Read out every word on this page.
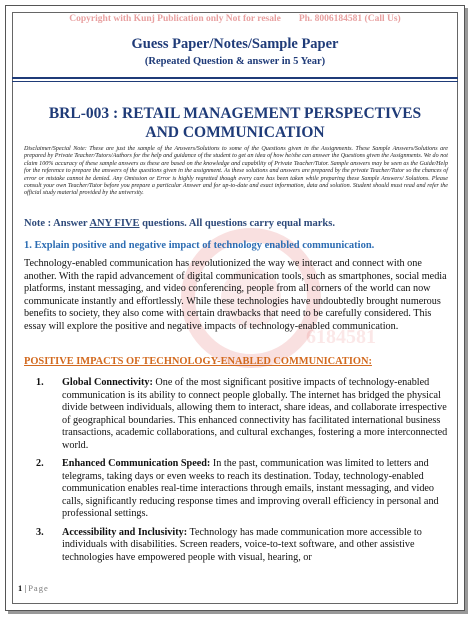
6184581
Copyright with Kunj Publication only Not for resale Ph. 8006184581 (Call Us)
Guess Paper/Notes/Sample Paper
(Repeated Question & answer in 5 Year)
BRL-003 : RETAIL MANAGEMENT PERSPECTIVES
AND COMMUNICATION
Disclaimer/Special Note: These are just the sample of the Answers/Solutions to some of the Questions given in the Assignments. These Sample Answers/Solutions are prepared by Private Teacher/Tutors/Authors for the help and guidance of the student to get an idea of how he/she can answer the Questions given the Assignments. We do not claim 100% accuracy of these sample answers as these are based on the knowledge and capability of Private Teacher/Tutor. Sample answers may be seen as the Guide/Help for the reference to prepare the answers of the questions given in the assignment. As these solutions and answers are prepared by the private Teacher/Tutor so the chances of error or mistake cannot be denied. Any Omission or Error is highly regretted though every care has been taken while preparing these Sample Answers/ Solutions. Please consult your own Teacher/Tutor before you prepare a particular Answer and for up-to-date and exact information, data and solution. Student should must read and refer the official study material provided by the university.
Note : Answer ANY FIVE questions. All questions carry equal marks.
1. Explain positive and negative impact of technology enabled communication.
Technology-enabled communication has revolutionized the way we interact and connect with one another. With the rapid advancement of digital communication tools, such as smartphones, social media platforms, instant messaging, and video conferencing, people from all corners of the world can now communicate instantly and effortlessly. While these technologies have undoubtedly brought numerous benefits to society, they also come with certain drawbacks that need to be carefully considered. This essay will explore the positive and negative impacts of technology-enabled communication.
POSITIVE IMPACTS OF TECHNOLOGY-ENABLED COMMUNICATION:
1. Global Connectivity: One of the most significant positive impacts of technology-enabled communication is its ability to connect people globally. The internet has bridged the physical divide between individuals, allowing them to interact, share ideas, and collaborate irrespective of geographical boundaries. This enhanced connectivity has facilitated international business transactions, academic collaborations, and cultural exchanges, fostering a more interconnected world.
2. Enhanced Communication Speed: In the past, communication was limited to letters and telegrams, taking days or even weeks to reach its destination. Today, technology-enabled communication enables real-time interactions through emails, instant messaging, and video calls, significantly reducing response times and improving overall efficiency in personal and professional settings.
3. Accessibility and Inclusivity: Technology has made communication more accessible to individuals with disabilities. Screen readers, voice-to-text software, and other assistive technologies have empowered people with visual, hearing, or
1 | Page
